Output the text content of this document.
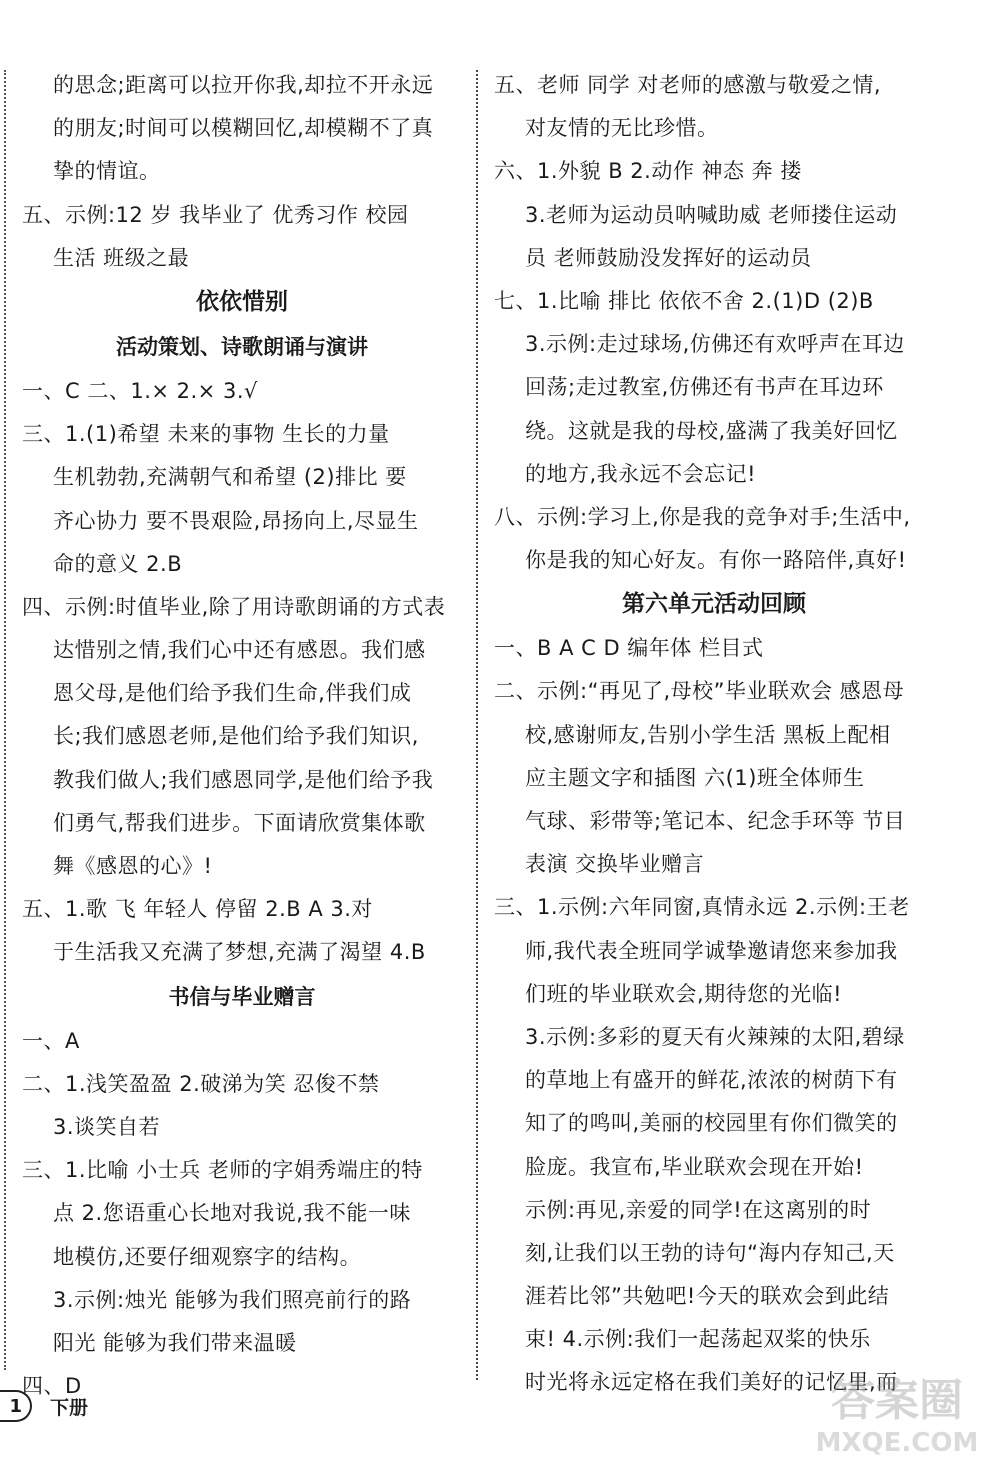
的思念;距离可以拉开你我,却拉不开永远
的朋友;时间可以模糊回忆,却模糊不了真
挚的情谊。
五、示例:12 岁 我毕业了 优秀习作 校园
生活 班级之最
依依惜别
活动策划、诗歌朗诵与演讲
一、C 二、1.× 2.× 3.√
三、1.(1)希望 未来的事物 生长的力量
生机勃勃,充满朝气和希望 (2)排比 要
齐心协力 要不畏艰险,昂扬向上,尽显生
命的意义 2.B
四、示例:时值毕业,除了用诗歌朗诵的方式表
达惜别之情,我们心中还有感恩。我们感
恩父母,是他们给予我们生命,伴我们成
长;我们感恩老师,是他们给予我们知识,
教我们做人;我们感恩同学,是他们给予我
们勇气,帮我们进步。下面请欣赏集体歌
舞《感恩的心》!
五、1.歌 飞 年轻人 停留 2.B A 3.对
于生活我又充满了梦想,充满了渴望 4.B
书信与毕业赠言
一、A
二、1.浅笑盈盈 2.破涕为笑 忍俊不禁
3.谈笑自若
三、1.比喻 小士兵 老师的字娟秀端庄的特
点 2.您语重心长地对我说,我不能一味
地模仿,还要仔细观察字的结构。
3.示例:烛光 能够为我们照亮前行的路
阳光 能够为我们带来温暖
四、D
五、老师 同学 对老师的感激与敬爱之情,
对友情的无比珍惜。
六、1.外貌 B 2.动作 神态 奔 搂
3.老师为运动员呐喊助威 老师搂住运动
员 老师鼓励没发挥好的运动员
七、1.比喻 排比 依依不舍 2.(1)D (2)B
3.示例:走过球场,仿佛还有欢呼声在耳边
回荡;走过教室,仿佛还有书声在耳边环
绕。这就是我的母校,盛满了我美好回忆
的地方,我永远不会忘记!
八、示例:学习上,你是我的竞争对手;生活中,
你是我的知心好友。有你一路陪伴,真好!
第六单元活动回顾
一、B A C D 编年体 栏目式
二、示例:“再见了,母校”毕业联欢会 感恩母
校,感谢师友,告别小学生活 黑板上配相
应主题文字和插图 六(1)班全体师生
气球、彩带等;笔记本、纪念手环等 节目
表演 交换毕业赠言
三、1.示例:六年同窗,真情永远 2.示例:王老
师,我代表全班同学诚挚邀请您来参加我
们班的毕业联欢会,期待您的光临!
3.示例:多彩的夏天有火辣辣的太阳,碧绿
的草地上有盛开的鲜花,浓浓的树荫下有
知了的鸣叫,美丽的校园里有你们微笑的
脸庞。我宣布,毕业联欢会现在开始!
示例:再见,亲爱的同学!在这离别的时
刻,让我们以王勃的诗句“海内存知己,天
涯若比邻”共勉吧!今天的联欢会到此结
束! 4.示例:我们一起荡起双桨的快乐
时光将永远定格在我们美好的记忆里,而
1	下册	答案圈
MXQE.COM
